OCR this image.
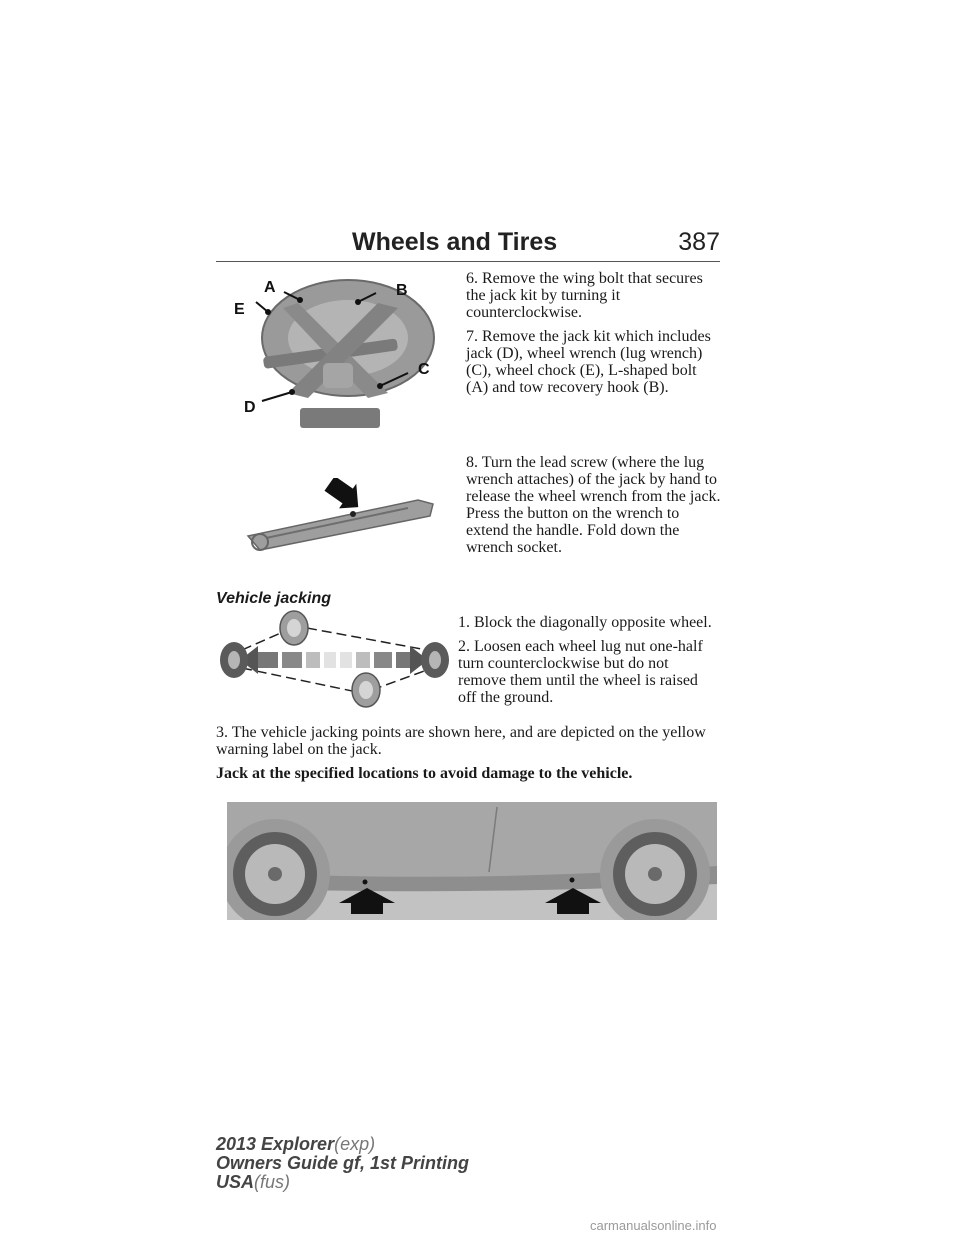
Wheels and Tires	387
A	B
C
D
E

6. Remove the wing bolt that secures the jack kit by turning it counterclockwise.

7. Remove the jack kit which includes jack (D), wheel wrench (lug wrench) (C), wheel chock (E), L-shaped bolt (A) and tow recovery hook (B).

8. Turn the lead screw (where the lug wrench attaches) of the jack by hand to release the wheel wrench from the jack. Press the button on the wrench to extend the handle. Fold down the wrench socket.

Vehicle jacking

1. Block the diagonally opposite wheel.

2. Loosen each wheel lug nut one-half turn counterclockwise but do not remove them until the wheel is raised off the ground.

3. The vehicle jacking points are shown here, and are depicted on the yellow warning label on the jack.

Jack at the specified locations to avoid damage to the vehicle.

2013 Explorer(exp)
Owners Guide gf, 1st Printing
USA(fus)
carmanualsonline.info
